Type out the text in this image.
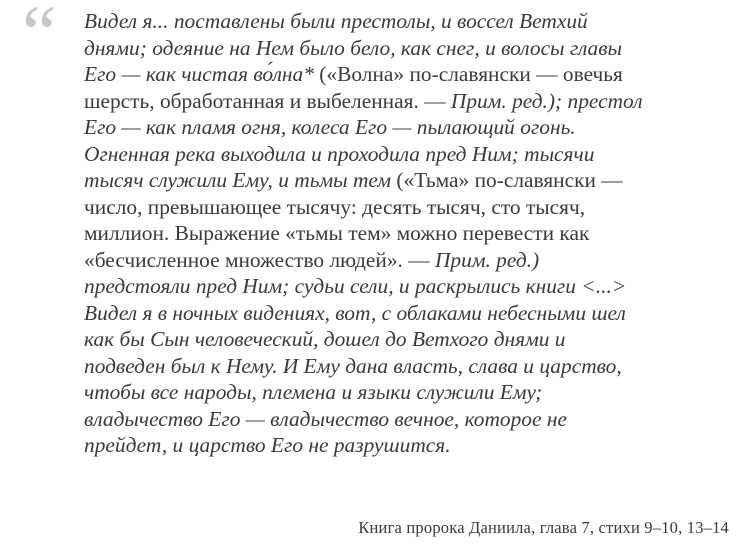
“ Видел я... поставлены были престолы, и воссел Ветхий
днями; одеяние на Нем было бело, как снег, и волосы главы
Его — как чистая во́лна* («Волна» по-славянски — овечья
шерсть, обработанная и выбеленная. — Прим. ред.); престол
Его — как пламя огня, колеса Его — пылающий огонь.
Огненная река выходила и проходила пред Ним; тысячи
тысяч служили Ему, и тьмы тем («Тьма» по-славянски —
число, превышающее тысячу: десять тысяч, сто тысяч,
миллион. Выражение «тьмы тем» можно перевести как
«бесчисленное множество людей». — Прим. ред.)
предстояли пред Ним; судьи сели, и раскрылись книги <...>
Видел я в ночных видениях, вот, с облаками небесными шел
как бы Сын человеческий, дошел до Ветхого днями и
подведен был к Нему. И Ему дана власть, слава и царство,
чтобы все народы, племена и языки служили Ему;
владычество Его — владычество вечное, которое не
прейдет, и царство Его не разрушится.
Книга пророка Даниила, глава 7, стихи 9–10, 13–14
